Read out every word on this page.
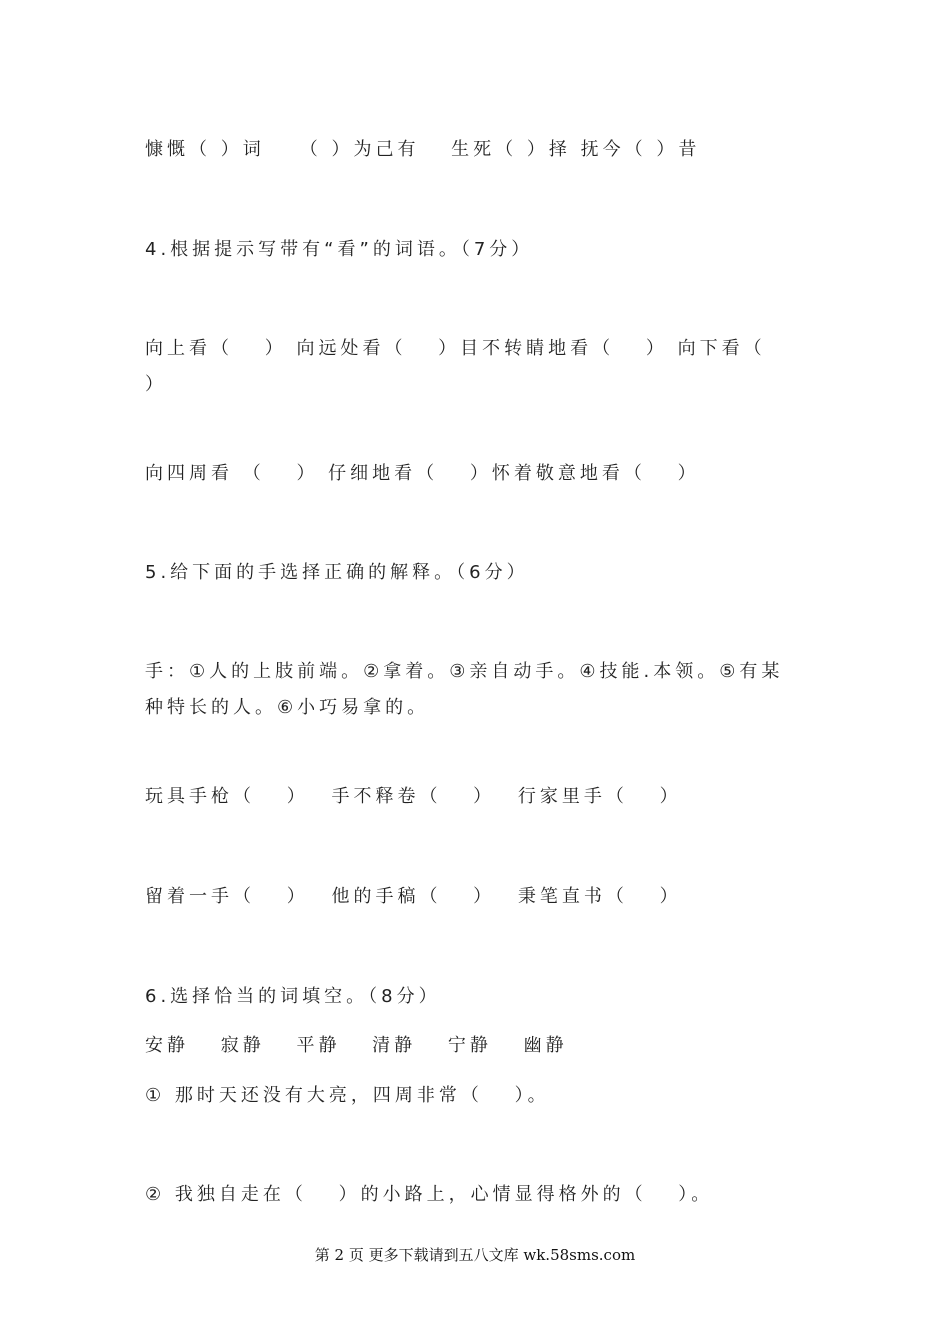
慷慨（ ）词　　（ ）为己有　 生死（ ）择 抚今（ ）昔
4.根据提示写带有“看”的词语。（7分）
向上看（　 ） 向远处看（　 ）目不转睛地看（　 ） 向下看（　 ）
向四周看 （　 ） 仔细地看（　 ）怀着敬意地看（　 ）
5.给下面的手选择正确的解释。（6分）
手：①人的上肢前端。②拿着。③亲自动手。④技能.本领。⑤有某种特长的人。⑥小巧易拿的。
玩具手枪（　 ）　 手不释卷（　 ）　 行家里手（　 ）
留着一手（　 ）　 他的手稿（　 ）　 秉笔直书（　 ）
6.选择恰当的词填空。（8分）
安静　 寂静　 平静　 清静　 宁静　 幽静
① 那时天还没有大亮，四周非常（　 ）。
② 我独自走在（　 ）的小路上，心情显得格外的（　 ）。
第 2 页 更多下载请到五八文库 wk.58sms.com
